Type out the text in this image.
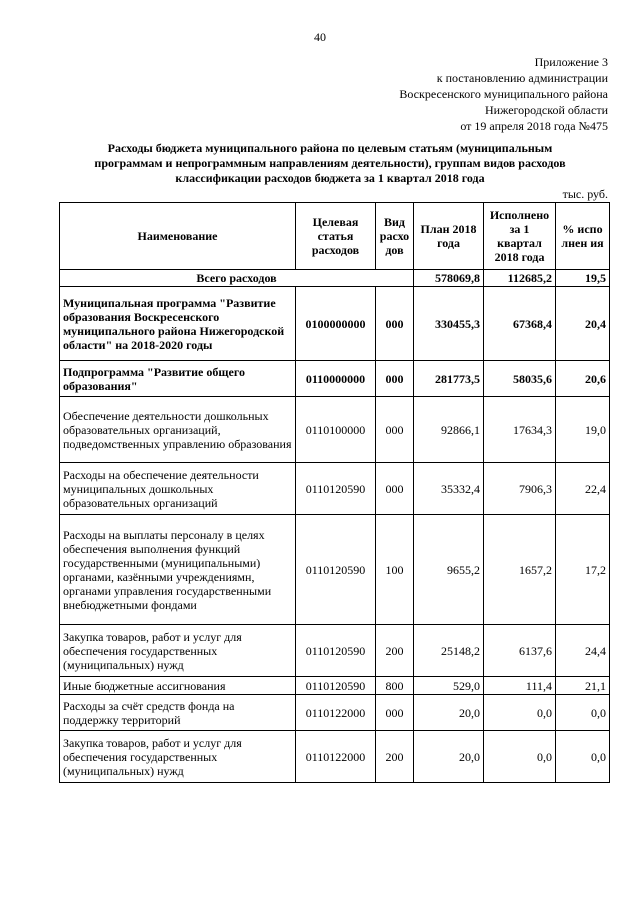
40
Приложение 3
к постановлению администрации
Воскресенского муниципального района
Нижегородской области
от 19 апреля 2018 года №475
Расходы бюджета муниципального района по целевым статьям (муниципальным
программам и непрограммным направлениям деятельности), группам видов расходов
классификации расходов бюджета за 1 квартал 2018 года
тыс. руб.
Наименование	Целевая статья расходов	Вид расхо дов	План 2018 года	Исполнено за 1 квартал 2018 года	% испо лнен ия
Всего расходов			578069,8	112685,2	19,5
Муниципальная программа "Развитие образования Воскресенского муниципального района Нижегородской области" на 2018-2020 годы	0100000000	000	330455,3	67368,4	20,4
Подпрограмма "Развитие общего образования"	0110000000	000	281773,5	58035,6	20,6
Обеспечение деятельности дошкольных образовательных организаций, подведомственных управлению образования	0110100000	000	92866,1	17634,3	19,0
Расходы на обеспечение деятельности муниципальных дошкольных образовательных организаций	0110120590	000	35332,4	7906,3	22,4
Расходы на выплаты персоналу в целях обеспечения выполнения функций государственными (муниципальными) органами, казёнными учреждениямн, органами управления государственными внебюджетными фондами	0110120590	100	9655,2	1657,2	17,2
Закупка товаров, работ и услуг для обеспечения государственных (муниципальных) нужд	0110120590	200	25148,2	6137,6	24,4
Иные бюджетные ассигнования	0110120590	800	529,0	111,4	21,1
Расходы за счёт средств фонда на поддержку территорий	0110122000	000	20,0	0,0	0,0
Закупка товаров, работ и услуг для обеспечения государственных (муниципальных) нужд	0110122000	200	20,0	0,0	0,0
